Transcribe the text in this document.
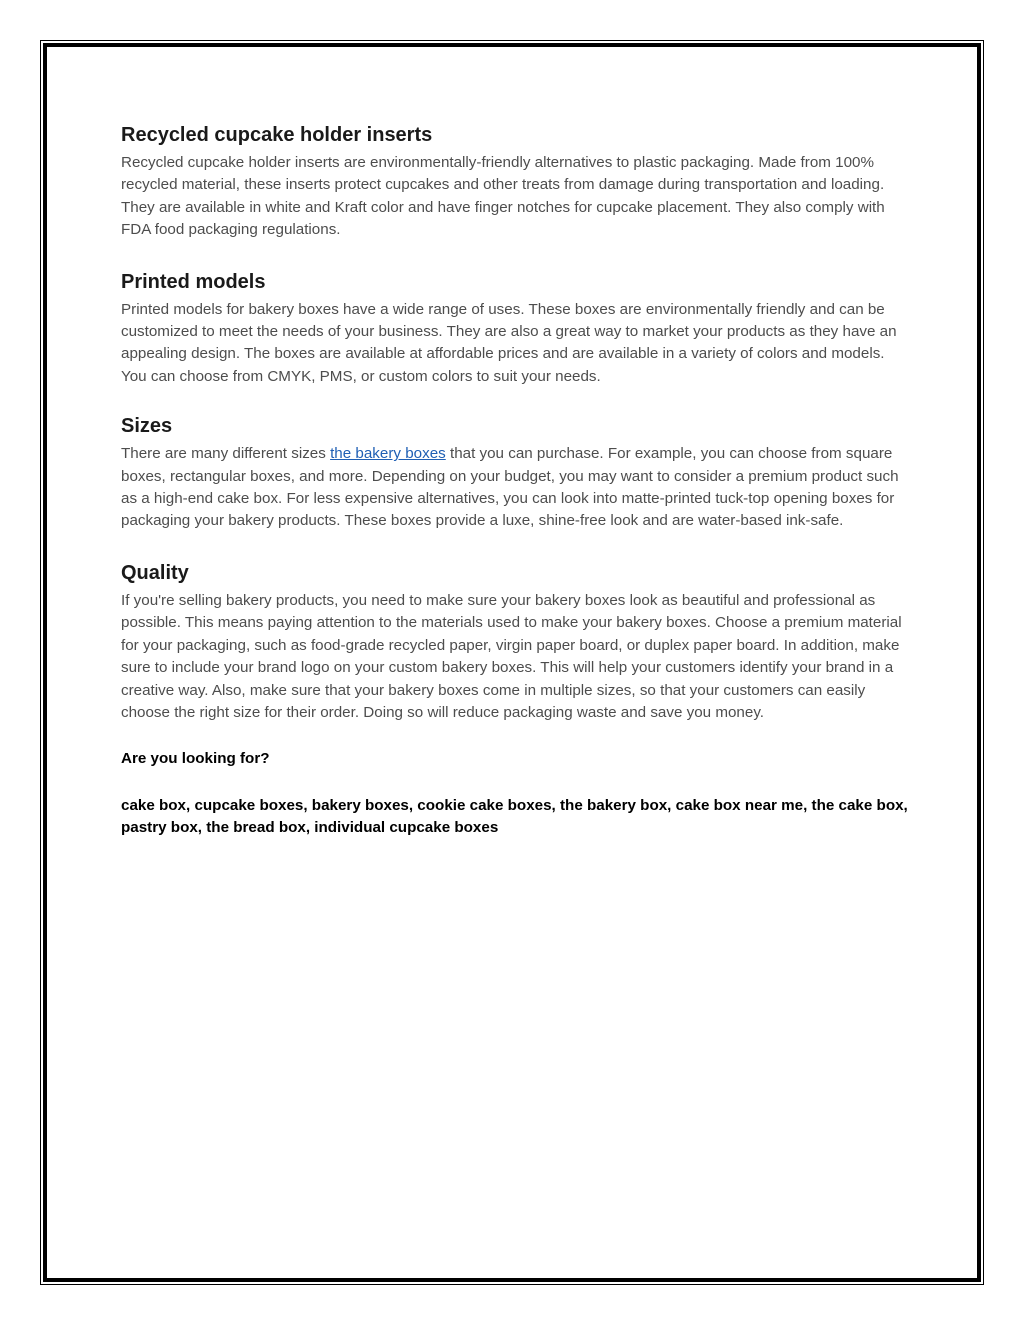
Recycled cupcake holder inserts

Recycled cupcake holder inserts are environmentally-friendly alternatives to plastic packaging. Made from 100% recycled material, these inserts protect cupcakes and other treats from damage during transportation and loading. They are available in white and Kraft color and have finger notches for cupcake placement. They also comply with FDA food packaging regulations.

Printed models

Printed models for bakery boxes have a wide range of uses. These boxes are environmentally friendly and can be customized to meet the needs of your business. They are also a great way to market your products as they have an appealing design. The boxes are available at affordable prices and are available in a variety of colors and models. You can choose from CMYK, PMS, or custom colors to suit your needs.

Sizes

There are many different sizes the bakery boxes that you can purchase. For example, you can choose from square boxes, rectangular boxes, and more. Depending on your budget, you may want to consider a premium product such as a high-end cake box. For less expensive alternatives, you can look into matte-printed tuck-top opening boxes for packaging your bakery products. These boxes provide a luxe, shine-free look and are water-based ink-safe.

Quality

If you're selling bakery products, you need to make sure your bakery boxes look as beautiful and professional as possible. This means paying attention to the materials used to make your bakery boxes. Choose a premium material for your packaging, such as food-grade recycled paper, virgin paper board, or duplex paper board. In addition, make sure to include your brand logo on your custom bakery boxes. This will help your customers identify your brand in a creative way. Also, make sure that your bakery boxes come in multiple sizes, so that your customers can easily choose the right size for their order. Doing so will reduce packaging waste and save you money.

Are you looking for?

cake box, cupcake boxes, bakery boxes, cookie cake boxes, the bakery box, cake box near me, the cake box, pastry box, the bread box, individual cupcake boxes
